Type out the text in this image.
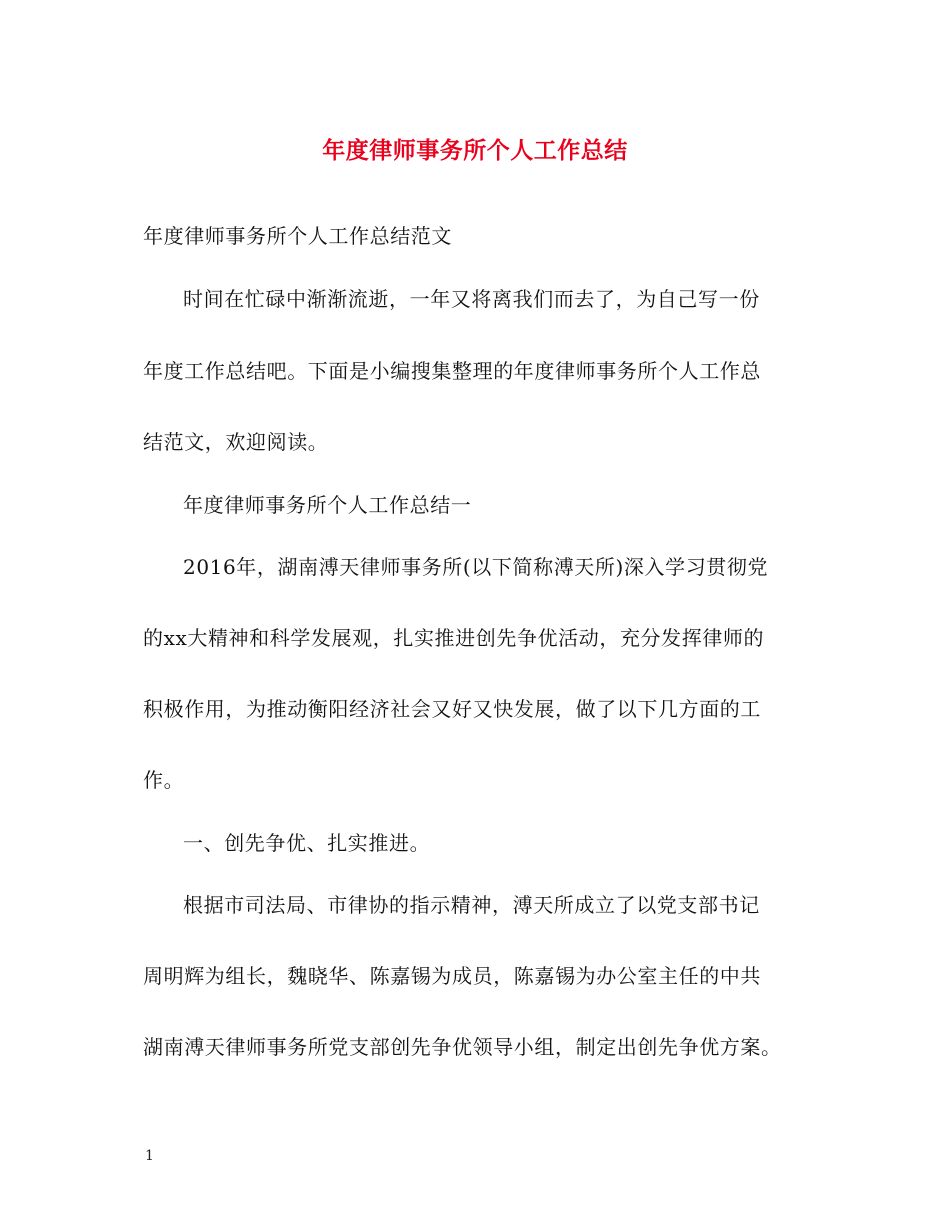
年度律师事务所个人工作总结
年度律师事务所个人工作总结范文
时间在忙碌中渐渐流逝，一年又将离我们而去了，为自己写一份
年度工作总结吧。下面是小编搜集整理的年度律师事务所个人工作总
结范文，欢迎阅读。
年度律师事务所个人工作总结一
2016年，湖南溥天律师事务所(以下简称溥天所)深入学习贯彻党
的xx大精神和科学发展观，扎实推进创先争优活动，充分发挥律师的
积极作用，为推动衡阳经济社会又好又快发展，做了以下几方面的工
作。
一、创先争优、扎实推进。
根据市司法局、市律协的指示精神，溥天所成立了以党支部书记
周明辉为组长，魏晓华、陈嘉锡为成员，陈嘉锡为办公室主任的中共
湖南溥天律师事务所党支部创先争优领导小组，制定出创先争优方案。
1
